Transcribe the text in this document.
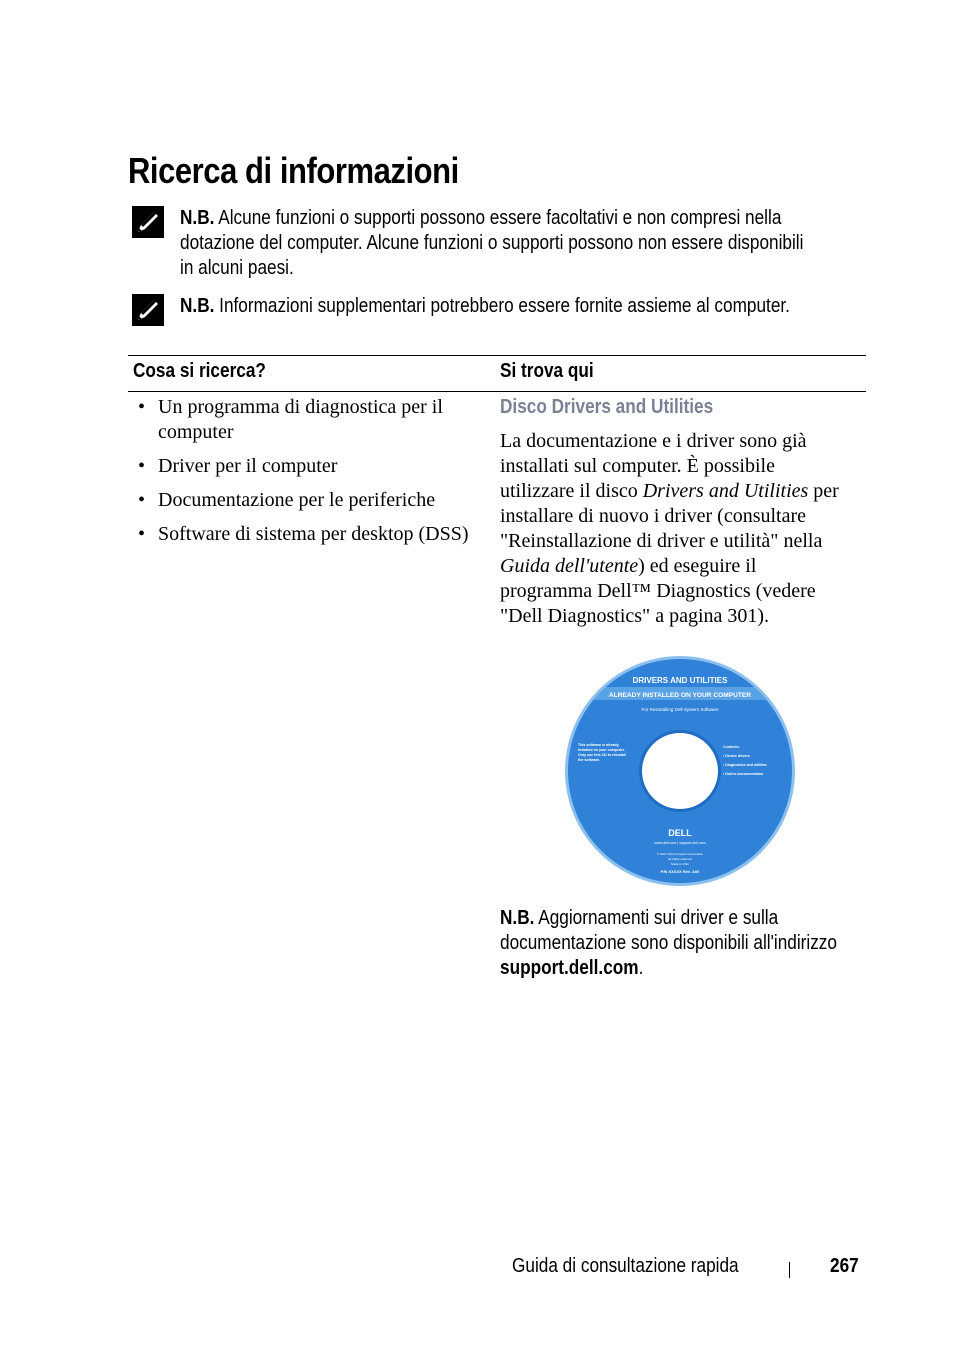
Ricerca di informazioni
N.B. Alcune funzioni o supporti possono essere facoltativi e non compresi nella
dotazione del computer. Alcune funzioni o supporti possono non essere disponibili
in alcuni paesi.
N.B. Informazioni supplementari potrebbero essere fornite assieme al computer.
Cosa si ricerca?	Si trova qui
• Un programma di diagnostica per il
computer
• Driver per il computer
• Documentazione per le periferiche
• Software di sistema per desktop (DSS)
Disco Drivers and Utilities
La documentazione e i driver sono già
installati sul computer. È possibile
utilizzare il disco Drivers and Utilities per
installare di nuovo i driver (consultare
"Reinstallazione di driver e utilità" nella
Guida dell'utente) ed eseguire il
programma Dell™ Diagnostics (vedere
"Dell Diagnostics" a pagina 301).
DRIVERS AND UTILITIES
ALREADY INSTALLED ON YOUR COMPUTER
For Reinstalling Dell System Software
This software is already
installed on your computer.
Only use this CD to reinstall
the software.
Contents:
• Device drivers
• Diagnostics and utilities
• Online documentation
DELL
www.dell.com | support.dell.com
© 2007 Dell Computer Corporation
All rights reserved
Made in USA
P/N XXXXX Rev. A00
N.B. Aggiornamenti sui driver e sulla
documentazione sono disponibili all'indirizzo
support.dell.com.
Guida di consultazione rapida	267
